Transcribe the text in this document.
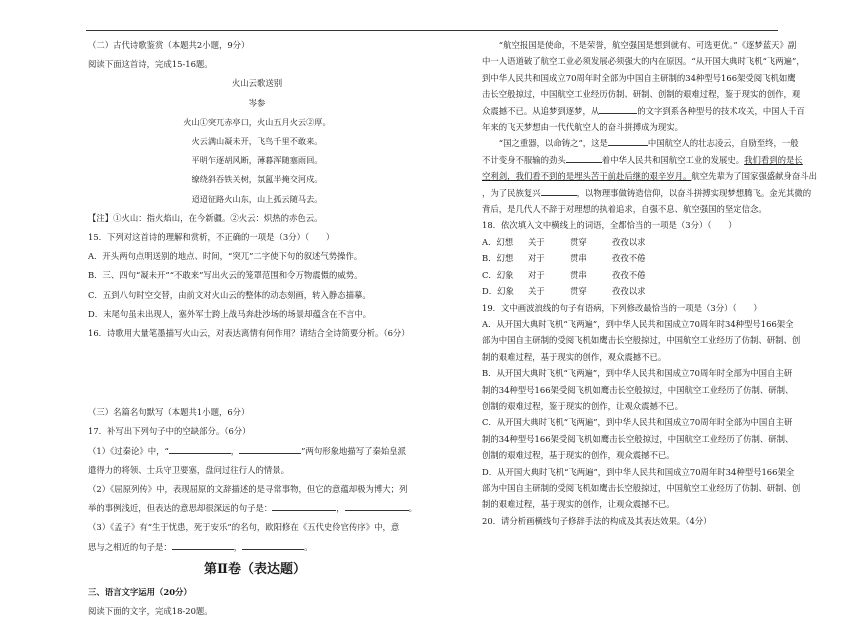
（二）古代诗歌鉴赏（本题共2小题，9分）
阅读下面这首诗，完成15-16题。
火山云歌送别
岑参
火山①突兀赤亭口，火山五月火云②厚。
火云满山凝未开，飞鸟千里不敢来。
平明乍逐胡风断，薄暮浑随塞雨回。
缭绕斜吞铁关树，氛氲半掩交河戍。
迢迢征路火山东，山上孤云随马去。
【注】①火山：指火焰山，在今新疆。②火云：炽热的赤色云。
15．下列对这首诗的理解和赏析，不正确的一项是（3分）（　　）
A．开头两句点明送别的地点、时间，“突兀”二字使下句的叙述气势操作。
B．三、四句“凝未开”“不敢来”写出火云的笼罩范围和令万物震慑的威势。
C．五到八句时空交替，由前文对火山云的整体的动态刻画，转入静态描摹。
D．末尾句虽未出现人，塞外军士跨上战马奔赴沙场的场景却蕴含在不言中。
16．诗歌用大量笔墨描写火山云，对表达离情有何作用？请结合全诗简要分析。（6分）
（三）名篇名句默写（本题共1小题，6分）
17．补写出下列句子中的空缺部分。（6分）
（1）《过秦论》中，“	，	”两句形象地描写了秦始皇派
遣得力的将领、士兵守卫要塞，盘问过往行人的情景。
（2）《屈原列传》中，表现屈原的文辞描述的是寻常事物，但它的意蕴却极为博大；列
举的事例浅近，但表达的意思却很深远的句子是：	，	。
（3）《孟子》有“生于忧患，死于安乐”的名句，欧阳修在《五代史伶官传序》中，意
思与之相近的句子是：	，	。
第Ⅱ卷（表达题）
三、语言文字运用（20分）
阅读下面的文字，完成18-20题。
“航空报国是使命，不是荣誉，航空强国是想到就有、可选更优。”《逐梦蓝天》副
中一人语道破了航空工业必须发展必须强大的内在原因。“从开国大典时飞机“飞两遍”，
到中华人民共和国成立70周年时全部为中国自主研制的34种型号166架受阅飞机如鹰
击长空般掠过，中国航空工业经历仿制、研制、创制的艰难过程，鉴于现实的创作，观
众震撼不已。从追梦到逐梦，从	的文字到系各种型号的技术攻关，中国人千百
年来的飞天梦想由一代代航空人的奋斗拼搏成为现实。
“国之重器，以命铸之”，这是	中国航空人的壮志凌云，自励至终，一般
不计变身不服输的劲头	着中华人民共和国航空工业的发展史。我们看到的是长
空利剑，我们看不到的是埋头苦干前赴后继的艰辛岁月。航空先辈为了国家强盛献身奋斗出
，为了民族复兴	，以物理事做铸造信仰，以奋斗拼搏实现梦想腾飞。金光其微的
背后，是几代人不辞于对理想的执着追求，自强不息、航空强国的坚定信念。
18．依次填入文中横线上的词语，全都恰当的一项是（3分）（　　）
A．幻想 关于	贯穿	孜孜以求
B．幻想 对于	贯串	孜孜不倦
C．幻象 对于	贯串	孜孜不倦
D．幻象 关于	贯穿	孜孜以求
19．文中画波浪线的句子有语病，下列修改最恰当的一项是（3分）（　　）
A．从开国大典时飞机“飞两遍”，到中华人民共和国成立70周年时34种型号166架全
部为中国自主研制的受阅飞机如鹰击长空般掠过，中国航空工业经历了仿制、研制、创
制的艰难过程，基于现实的创作，观众震撼不已。
B．从开国大典时飞机“飞两遍”，到中华人民共和国成立70周年时全部为中国自主研
制的34种型号166架受阅飞机如鹰击长空般掠过，中国航空工业经历了仿制、研制、
创制的艰难过程，鉴于现实的创作，让观众震撼不已。
C．从开国大典时飞机“飞两遍”，到中华人民共和国成立70周年时全部为中国自主研
制的34种型号166架受阅飞机如鹰击长空般掠过，中国航空工业经历了仿制、研制、
创制的艰难过程，基于现实的创作，观众震撼不已。
D．从开国大典时飞机“飞两遍”，到中华人民共和国成立70周年时34种型号166架全
部为中国自主研制的受阅飞机如鹰击长空般掠过，中国航空工业经历了仿制、研制、创
制的艰难过程，基于现实的创作，让观众震撼不已。
20．请分析画横线句子修辞手法的构成及其表达效果。（4分）
